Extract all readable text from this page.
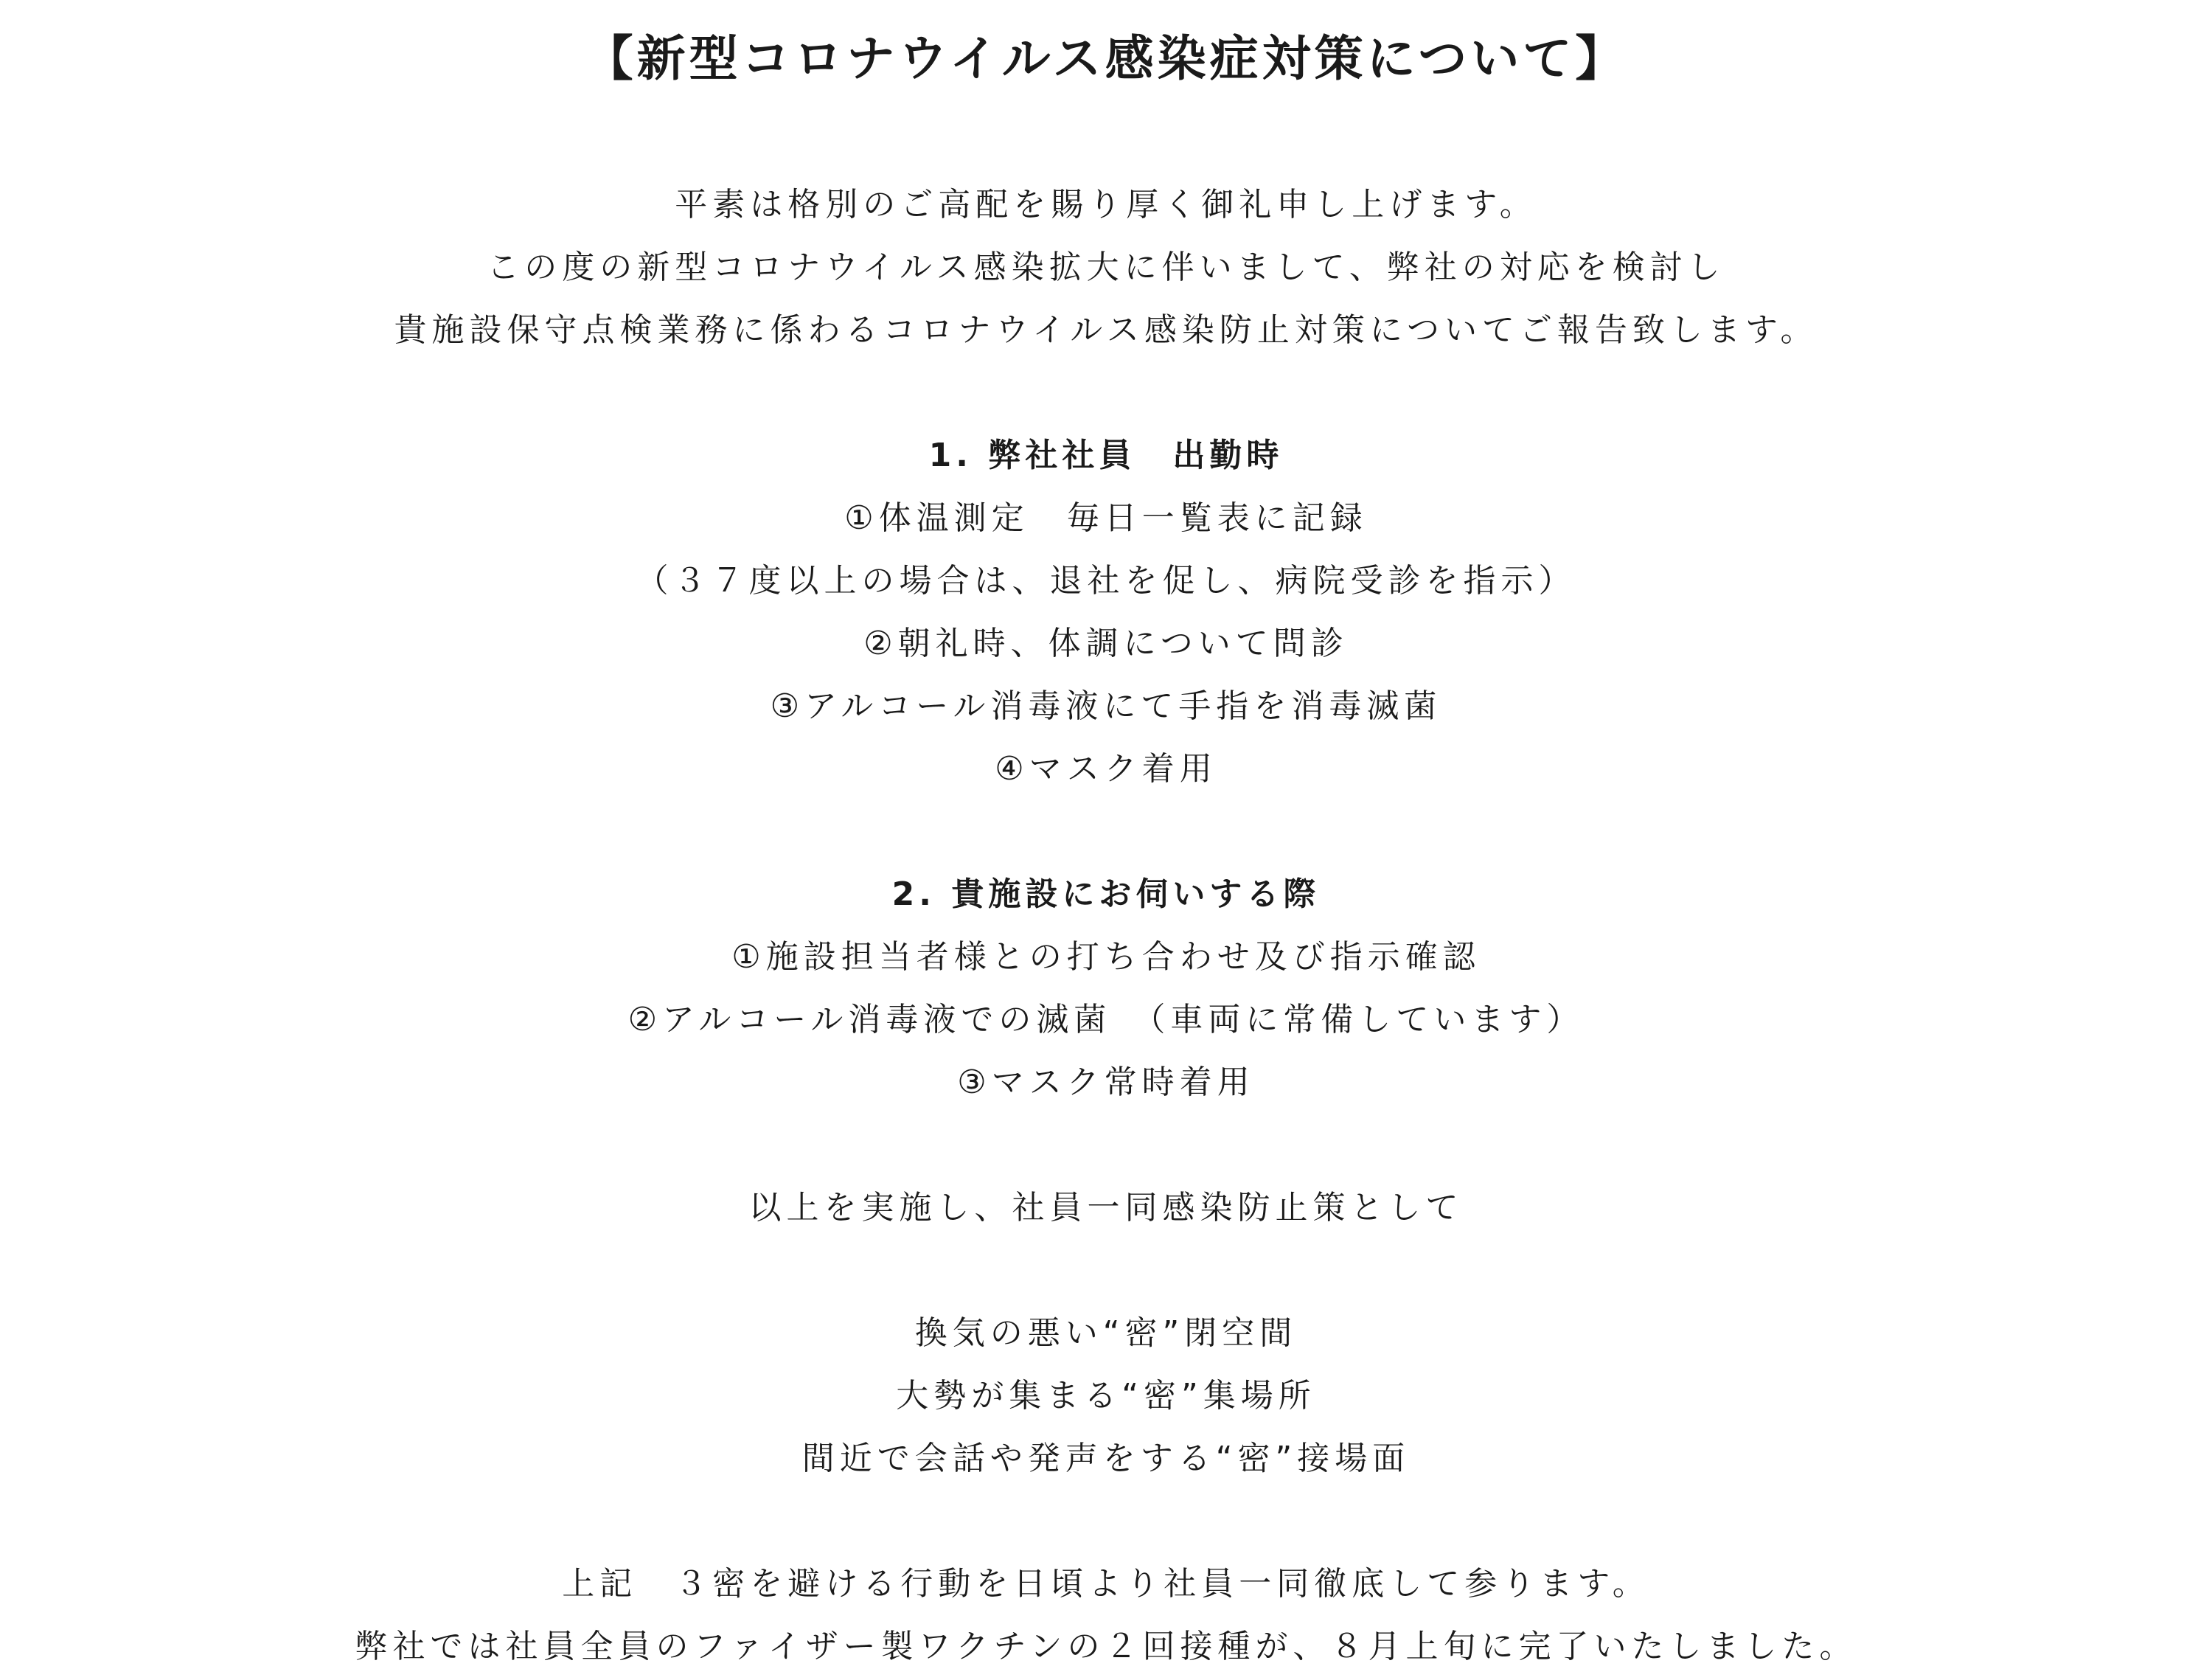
【新型コロナウイルス感染症対策について】
平素は格別のご高配を賜り厚く御礼申し上げます。
この度の新型コロナウイルス感染拡大に伴いまして、弊社の対応を検討し
貴施設保守点検業務に係わるコロナウイルス感染防止対策についてご報告致します。
1. 弊社社員　出勤時
①体温測定　毎日一覧表に記録
（３７度以上の場合は、退社を促し、病院受診を指示）
②朝礼時、体調について問診
③アルコール消毒液にて手指を消毒滅菌
④マスク着用
2. 貴施設にお伺いする際
①施設担当者様との打ち合わせ及び指示確認
②アルコール消毒液での滅菌　（車両に常備しています）
③マスク常時着用
以上を実施し、社員一同感染防止策として
換気の悪い“密”閉空間
大勢が集まる“密”集場所
間近で会話や発声をする“密”接場面
上記　３密を避ける行動を日頃より社員一同徹底して参ります。
弊社では社員全員のファイザー製ワクチンの２回接種が、８月上旬に完了いたしました。
